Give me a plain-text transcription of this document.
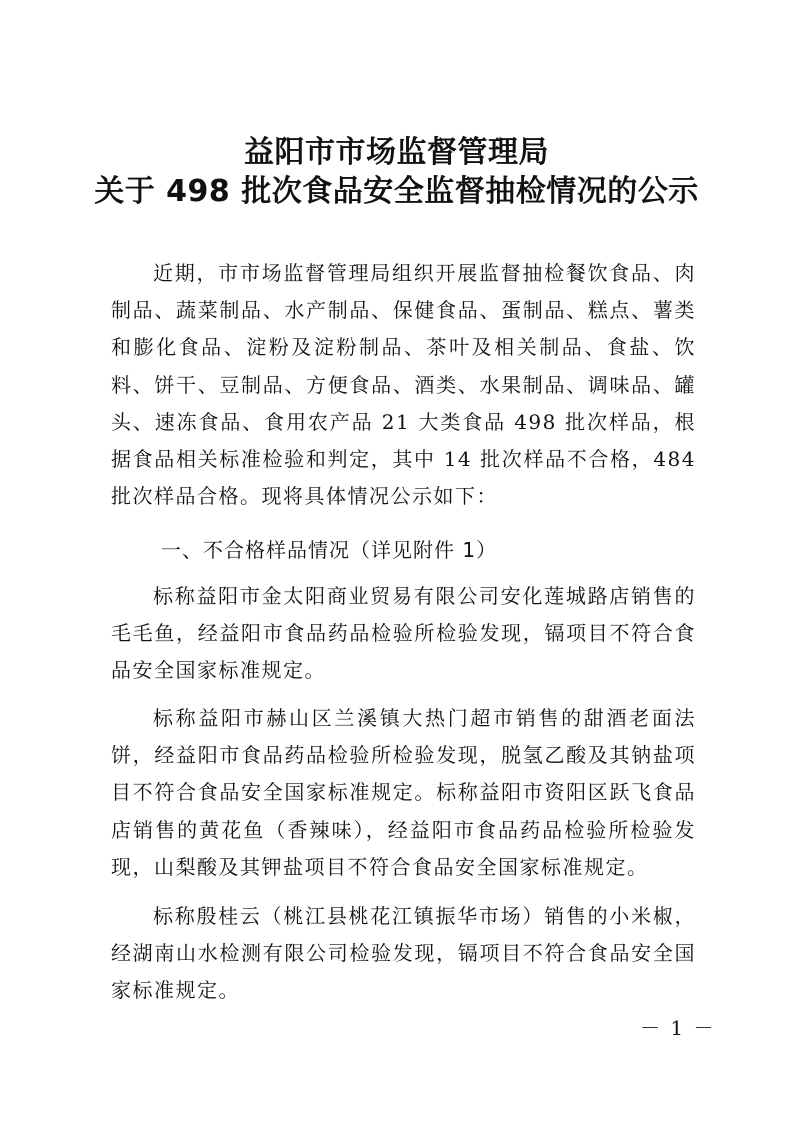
益阳市市场监督管理局
关于 498 批次食品安全监督抽检情况的公示

近期，市市场监督管理局组织开展监督抽检餐饮食品、肉制品、蔬菜制品、水产制品、保健食品、蛋制品、糕点、薯类和膨化食品、淀粉及淀粉制品、茶叶及相关制品、食盐、饮料、饼干、豆制品、方便食品、酒类、水果制品、调味品、罐头、速冻食品、食用农产品 21 大类食品 498 批次样品，根据食品相关标准检验和判定，其中 14 批次样品不合格，484 批次样品合格。现将具体情况公示如下：

一、不合格样品情况（详见附件 1）

标称益阳市金太阳商业贸易有限公司安化莲城路店销售的毛毛鱼，经益阳市食品药品检验所检验发现，镉项目不符合食品安全国家标准规定。

标称益阳市赫山区兰溪镇大热门超市销售的甜酒老面法饼，经益阳市食品药品检验所检验发现，脱氢乙酸及其钠盐项目不符合食品安全国家标准规定。标称益阳市资阳区跃飞食品店销售的黄花鱼（香辣味），经益阳市食品药品检验所检验发现，山梨酸及其钾盐项目不符合食品安全国家标准规定。

标称殷桂云（桃江县桃花江镇振华市场）销售的小米椒，经湖南山水检测有限公司检验发现，镉项目不符合食品安全国家标准规定。

－ 1 －
